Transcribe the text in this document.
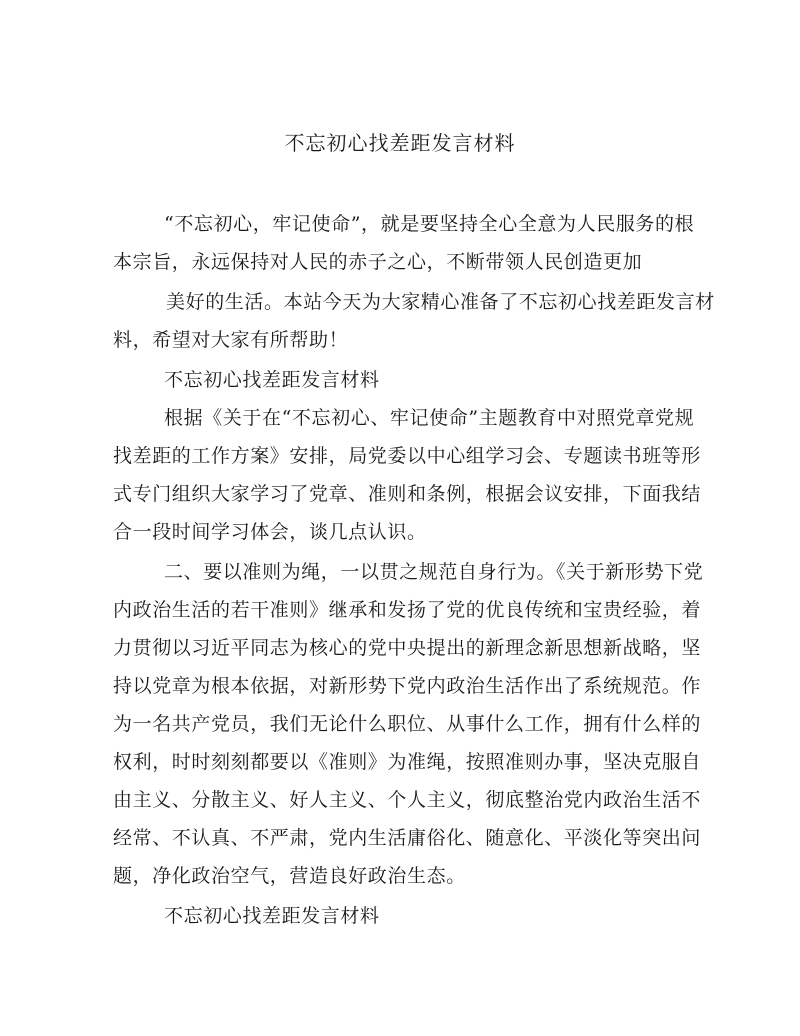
不忘初心找差距发言材料
“不忘初心，牢记使命”，就是要坚持全心全意为人民服务的根
本宗旨，永远保持对人民的赤子之心，不断带领人民创造更加
美好的生活。本站今天为大家精心准备了不忘初心找差距发言材
料，希望对大家有所帮助！
不忘初心找差距发言材料
根据《关于在“不忘初心、牢记使命”主题教育中对照党章党规
找差距的工作方案》安排，局党委以中心组学习会、专题读书班等形
式专门组织大家学习了党章、准则和条例，根据会议安排，下面我结
合一段时间学习体会，谈几点认识。
二、要以准则为绳，一以贯之规范自身行为。《关于新形势下党
内政治生活的若干准则》继承和发扬了党的优良传统和宝贵经验，着
力贯彻以习近平同志为核心的党中央提出的新理念新思想新战略，坚
持以党章为根本依据，对新形势下党内政治生活作出了系统规范。作
为一名共产党员，我们无论什么职位、从事什么工作，拥有什么样的
权利，时时刻刻都要以《准则》为准绳，按照准则办事，坚决克服自
由主义、分散主义、好人主义、个人主义，彻底整治党内政治生活不
经常、不认真、不严肃，党内生活庸俗化、随意化、平淡化等突出问
题，净化政治空气，营造良好政治生态。
不忘初心找差距发言材料
